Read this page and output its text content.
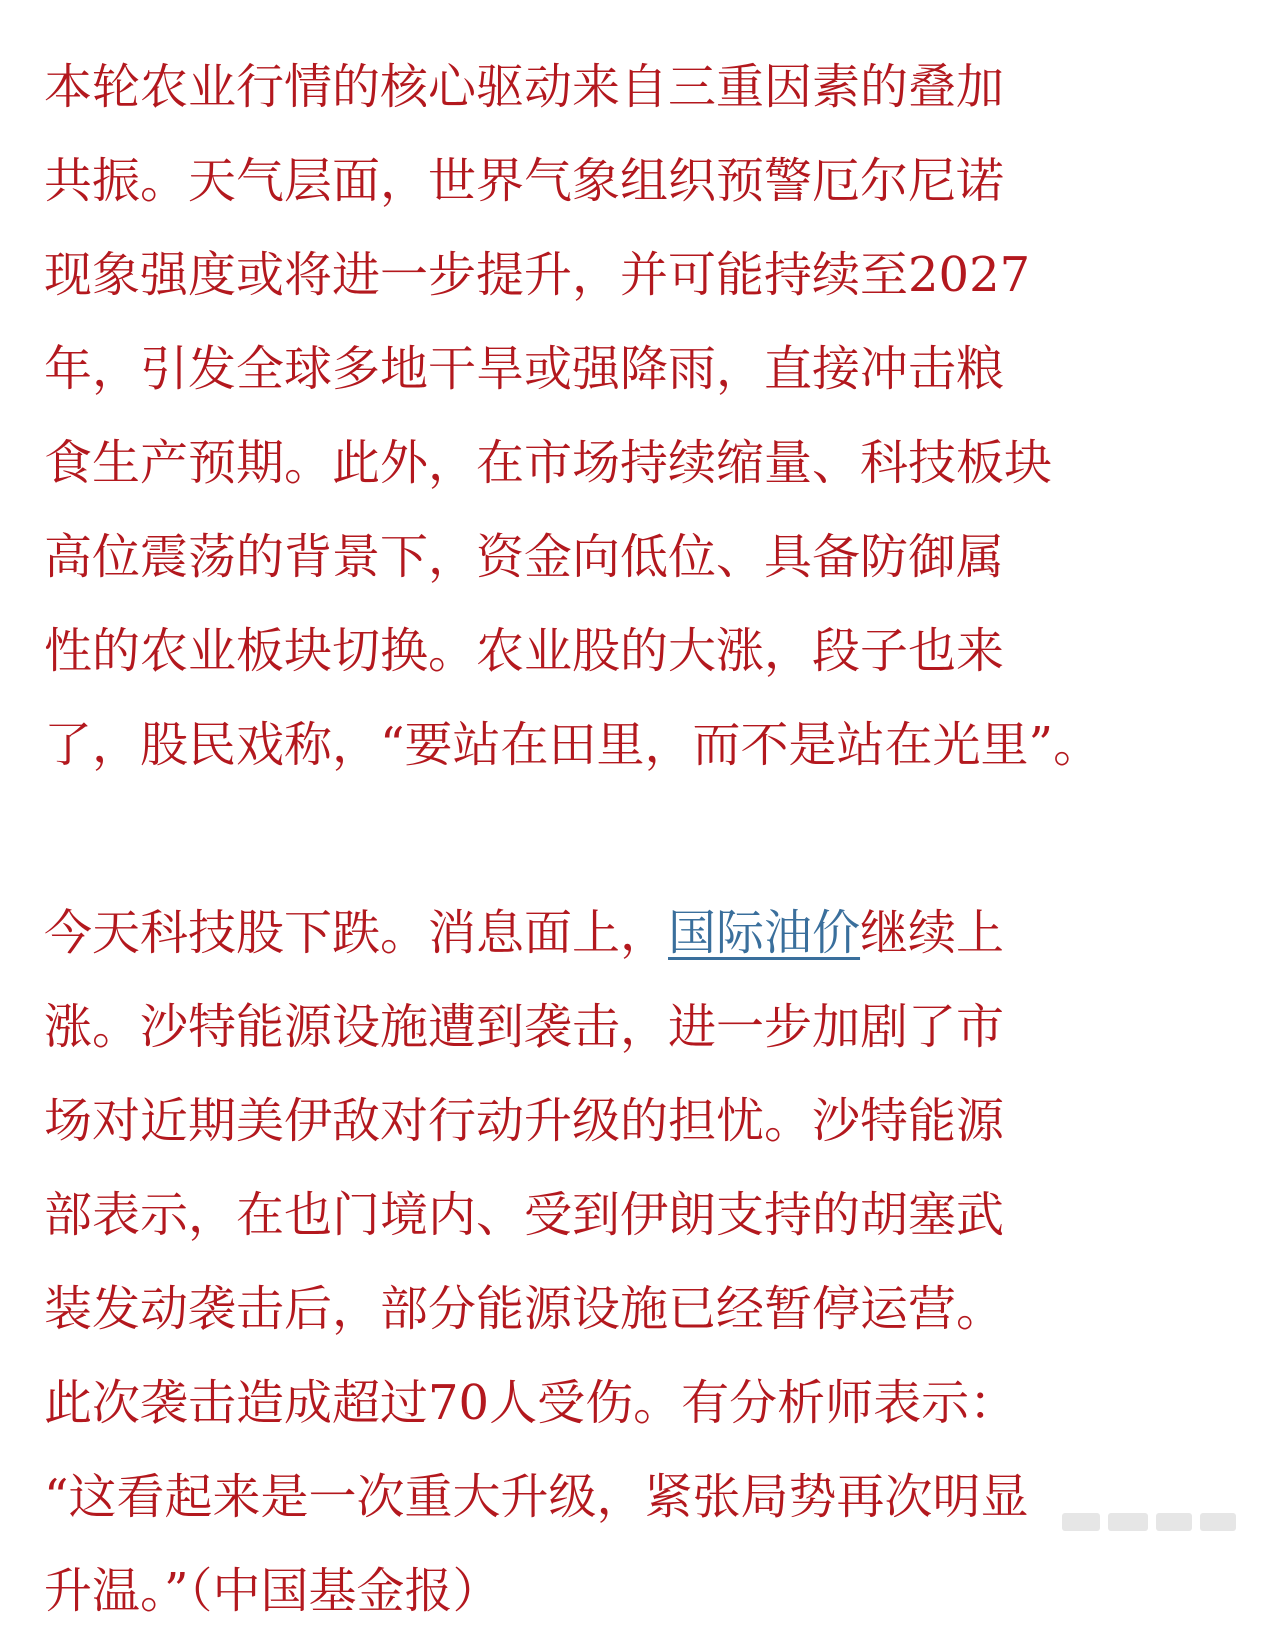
本轮农业行情的核心驱动来自三重因素的叠加
共振。天气层面，世界气象组织预警厄尔尼诺
现象强度或将进一步提升，并可能持续至2027
年，引发全球多地干旱或强降雨，直接冲击粮
食生产预期。此外，在市场持续缩量、科技板块
高位震荡的背景下，资金向低位、具备防御属
性的农业板块切换。农业股的大涨，段子也来
了，股民戏称，“要站在田里，而不是站在光里”。
今天科技股下跌。消息面上，国际油价继续上
涨。沙特能源设施遭到袭击，进一步加剧了市
场对近期美伊敌对行动升级的担忧。沙特能源
部表示，在也门境内、受到伊朗支持的胡塞武
装发动袭击后，部分能源设施已经暂停运营。
此次袭击造成超过70人受伤。有分析师表示：
“这看起来是一次重大升级，紧张局势再次明显
升温。”（中国基金报）
